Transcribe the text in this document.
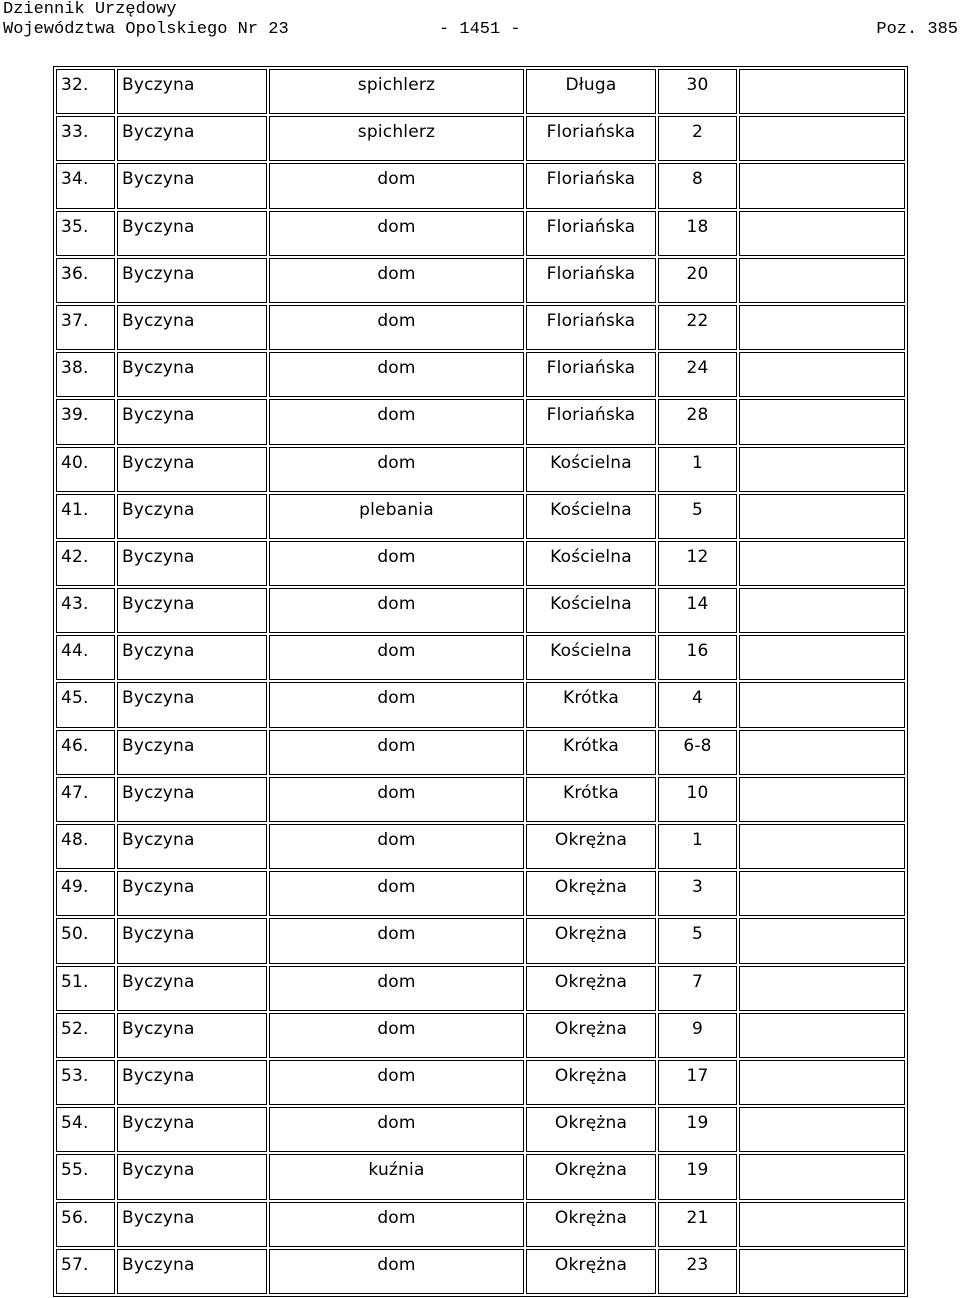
Dziennik Urzędowy
Województwa Opolskiego Nr 23	- 1451 -	Poz. 385
32.	Byczyna	spichlerz	Długa	30	
33.	Byczyna	spichlerz	Floriańska	2	
34.	Byczyna	dom	Floriańska	8	
35.	Byczyna	dom	Floriańska	18	
36.	Byczyna	dom	Floriańska	20	
37.	Byczyna	dom	Floriańska	22	
38.	Byczyna	dom	Floriańska	24	
39.	Byczyna	dom	Floriańska	28	
40.	Byczyna	dom	Kościelna	1	
41.	Byczyna	plebania	Kościelna	5	
42.	Byczyna	dom	Kościelna	12	
43.	Byczyna	dom	Kościelna	14	
44.	Byczyna	dom	Kościelna	16	
45.	Byczyna	dom	Krótka	4	
46.	Byczyna	dom	Krótka	6-8	
47.	Byczyna	dom	Krótka	10	
48.	Byczyna	dom	Okrężna	1	
49.	Byczyna	dom	Okrężna	3	
50.	Byczyna	dom	Okrężna	5	
51.	Byczyna	dom	Okrężna	7	
52.	Byczyna	dom	Okrężna	9	
53.	Byczyna	dom	Okrężna	17	
54.	Byczyna	dom	Okrężna	19	
55.	Byczyna	kuźnia	Okrężna	19	
56.	Byczyna	dom	Okrężna	21	
57.	Byczyna	dom	Okrężna	23	
